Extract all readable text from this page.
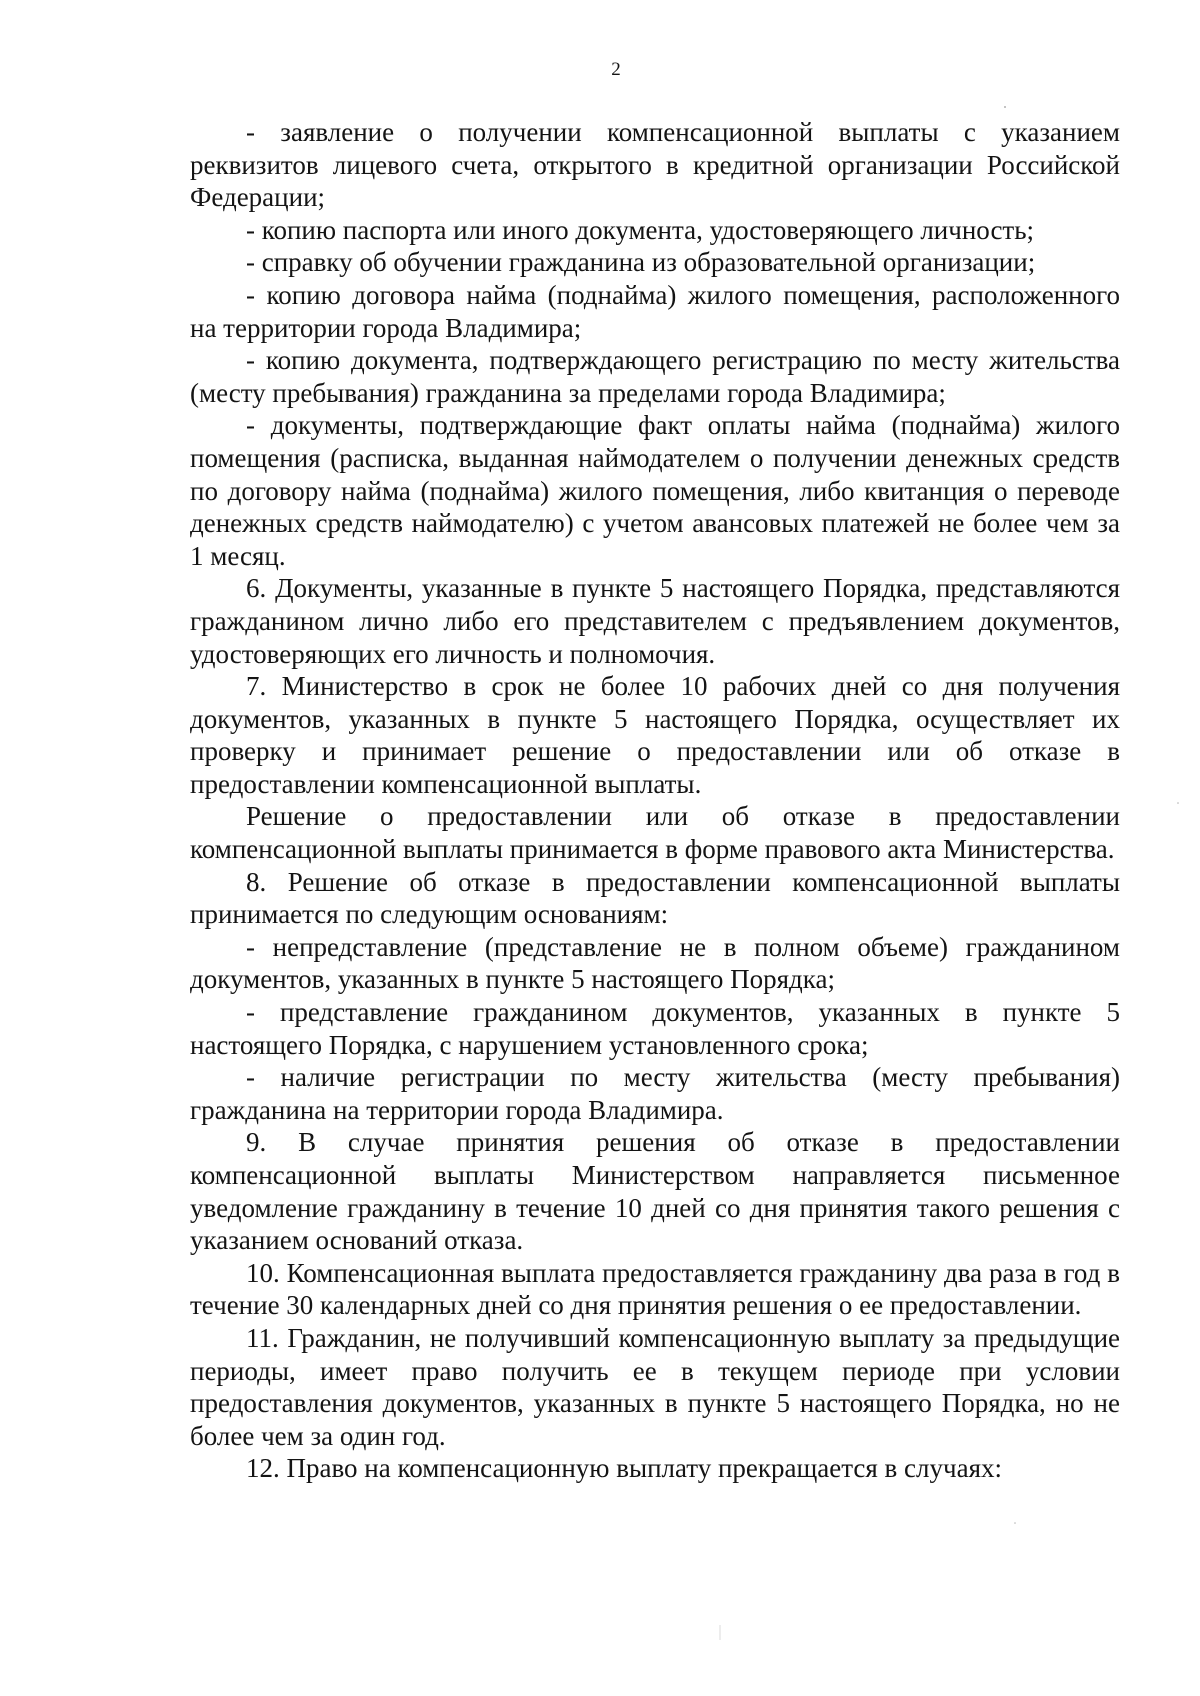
2

- заявление о получении компенсационной выплаты с указанием реквизитов лицевого счета, открытого в кредитной организации Российской Федерации;

- копию паспорта или иного документа, удостоверяющего личность;

- справку об обучении гражданина из образовательной организации;

- копию договора найма (поднайма) жилого помещения, расположенного на территории города Владимира;

- копию документа, подтверждающего регистрацию по месту жительства (месту пребывания) гражданина за пределами города Владимира;

- документы, подтверждающие факт оплаты найма (поднайма) жилого помещения (расписка, выданная наймодателем о получении денежных средств по договору найма (поднайма) жилого помещения, либо квитанция о переводе денежных средств наймодателю) с учетом авансовых платежей не более чем за 1 месяц.

6. Документы, указанные в пункте 5 настоящего Порядка, представляются гражданином лично либо его представителем с предъявлением документов, удостоверяющих его личность и полномочия.

7. Министерство в срок не более 10 рабочих дней со дня получения документов, указанных в пункте 5 настоящего Порядка, осуществляет их проверку и принимает решение о предоставлении или об отказе в предоставлении компенсационной выплаты.

Решение о предоставлении или об отказе в предоставлении компенсационной выплаты принимается в форме правового акта Министерства.

8. Решение об отказе в предоставлении компенсационной выплаты принимается по следующим основаниям:

- непредставление (представление не в полном объеме) гражданином документов, указанных в пункте 5 настоящего Порядка;

- представление гражданином документов, указанных в пункте 5 настоящего Порядка, с нарушением установленного срока;

- наличие регистрации по месту жительства (месту пребывания) гражданина на территории города Владимира.

9. В случае принятия решения об отказе в предоставлении компенсационной выплаты Министерством направляется письменное уведомление гражданину в течение 10 дней со дня принятия такого решения с указанием оснований отказа.

10. Компенсационная выплата предоставляется гражданину два раза в год в течение 30 календарных дней со дня принятия решения о ее предоставлении.

11. Гражданин, не получивший компенсационную выплату за предыдущие периоды, имеет право получить ее в текущем периоде при условии предоставления документов, указанных в пункте 5 настоящего Порядка, но не более чем за один год.

12. Право на компенсационную выплату прекращается в случаях:
